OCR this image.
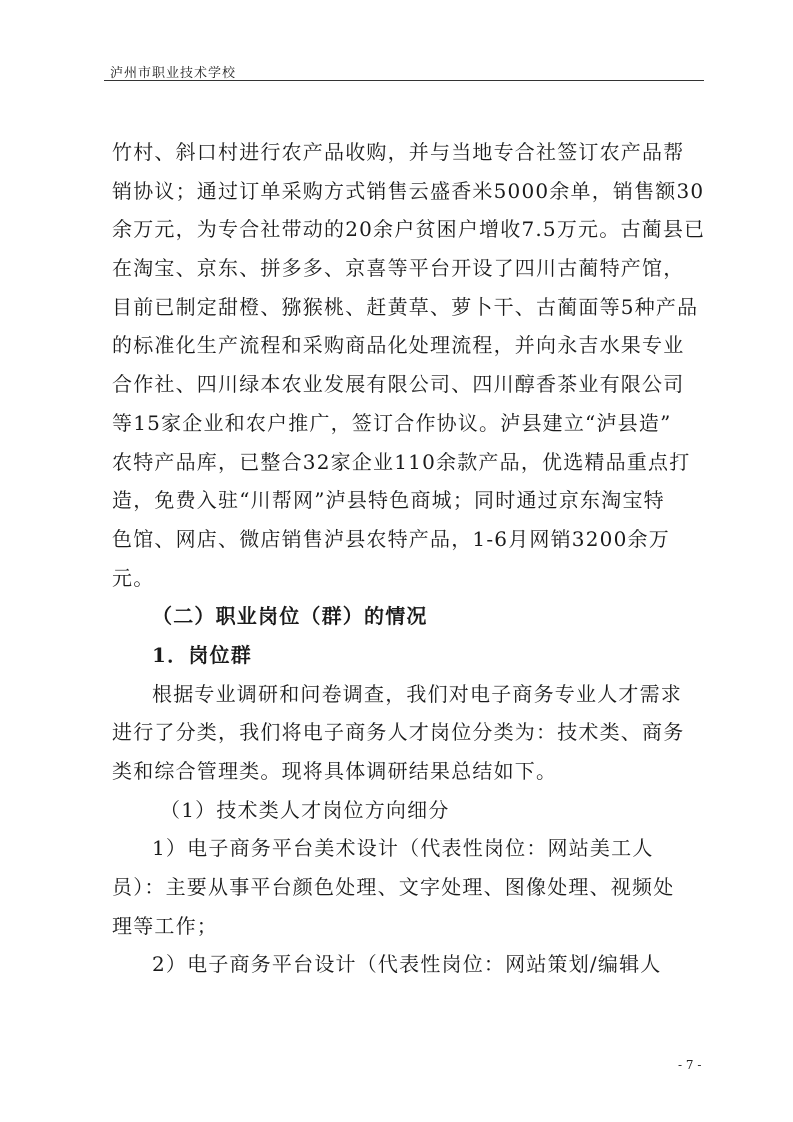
泸州市职业技术学校
竹村、斜口村进行农产品收购，并与当地专合社签订农产品帮
销协议；通过订单采购方式销售云盛香米5000余单，销售额30
余万元，为专合社带动的20余户贫困户增收7.5万元。古蔺县已
在淘宝、京东、拼多多、京喜等平台开设了四川古蔺特产馆，
目前已制定甜橙、猕猴桃、赶黄草、萝卜干、古蔺面等5种产品
的标准化生产流程和采购商品化处理流程，并向永吉水果专业
合作社、四川绿本农业发展有限公司、四川醇香茶业有限公司
等15家企业和农户推广，签订合作协议。泸县建立“泸县造”
农特产品库，已整合32家企业110余款产品，优选精品重点打
造，免费入驻“川帮网”泸县特色商城；同时通过京东淘宝特
色馆、网店、微店销售泸县农特产品，1-6月网销3200余万
元。
（二）职业岗位（群）的情况
1．岗位群
根据专业调研和问卷调查，我们对电子商务专业人才需求
进行了分类，我们将电子商务人才岗位分类为：技术类、商务
类和综合管理类。现将具体调研结果总结如下。
（1）技术类人才岗位方向细分
1）电子商务平台美术设计（代表性岗位：网站美工人
员）：主要从事平台颜色处理、文字处理、图像处理、视频处
理等工作；
2）电子商务平台设计（代表性岗位：网站策划/编辑人
- 7 -
